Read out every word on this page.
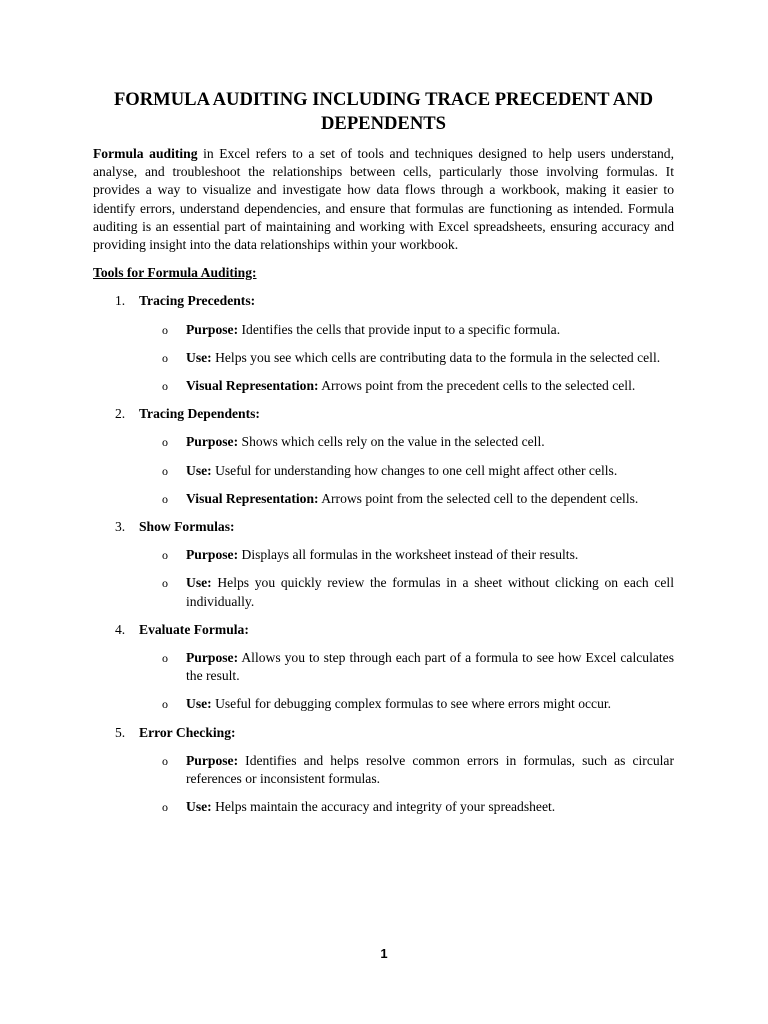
FORMULA AUDITING INCLUDING TRACE PRECEDENT AND DEPENDENTS

Formula auditing in Excel refers to a set of tools and techniques designed to help users understand, analyse, and troubleshoot the relationships between cells, particularly those involving formulas. It provides a way to visualize and investigate how data flows through a workbook, making it easier to identify errors, understand dependencies, and ensure that formulas are functioning as intended. Formula auditing is an essential part of maintaining and working with Excel spreadsheets, ensuring accuracy and providing insight into the data relationships within your workbook.

Tools for Formula Auditing:

1. Tracing Precedents:
o Purpose: Identifies the cells that provide input to a specific formula.
o Use: Helps you see which cells are contributing data to the formula in the selected cell.
o Visual Representation: Arrows point from the precedent cells to the selected cell.
2. Tracing Dependents:
o Purpose: Shows which cells rely on the value in the selected cell.
o Use: Useful for understanding how changes to one cell might affect other cells.
o Visual Representation: Arrows point from the selected cell to the dependent cells.
3. Show Formulas:
o Purpose: Displays all formulas in the worksheet instead of their results.
o Use: Helps you quickly review the formulas in a sheet without clicking on each cell individually.
4. Evaluate Formula:
o Purpose: Allows you to step through each part of a formula to see how Excel calculates the result.
o Use: Useful for debugging complex formulas to see where errors might occur.
5. Error Checking:
o Purpose: Identifies and helps resolve common errors in formulas, such as circular references or inconsistent formulas.
o Use: Helps maintain the accuracy and integrity of your spreadsheet.
1
